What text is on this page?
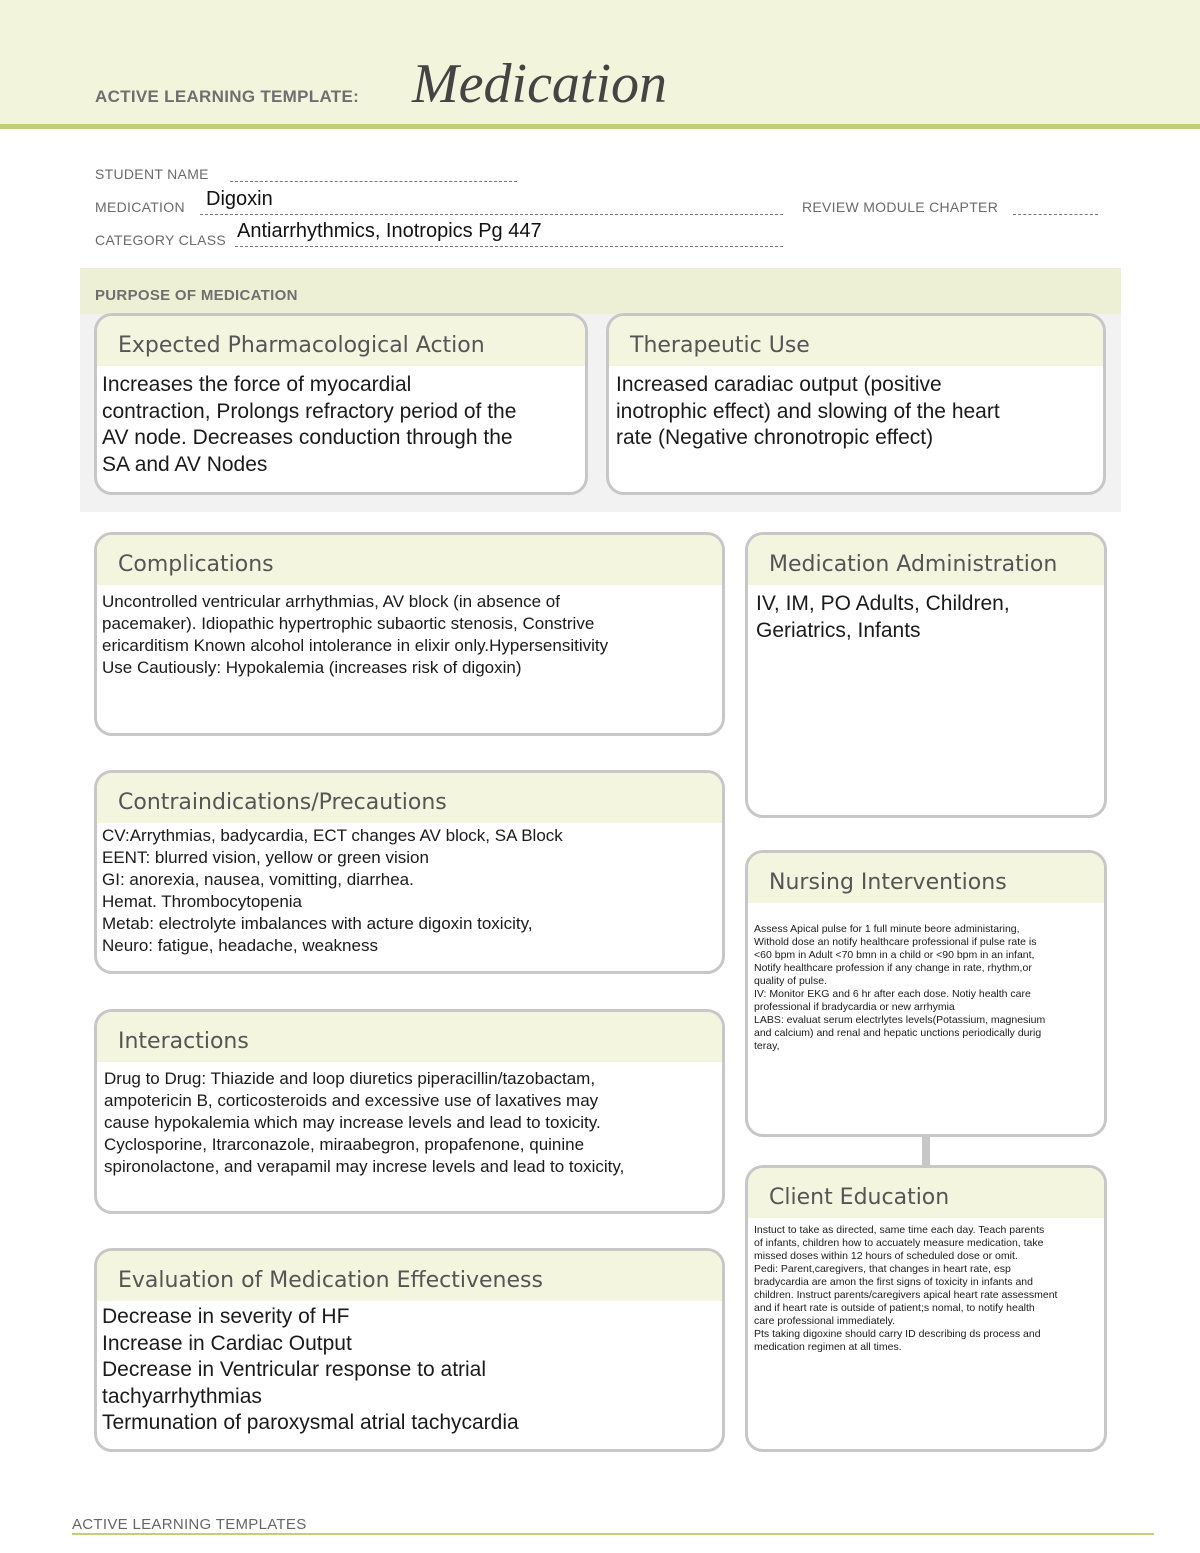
ACTIVE LEARNING TEMPLATE: Medication
STUDENT NAME
MEDICATION Digoxin	REVIEW MODULE CHAPTER
CATEGORY CLASS Antiarrhythmics, Inotropics Pg 447
PURPOSE OF MEDICATION
Expected Pharmacological Action
Increases the force of myocardial
contraction, Prolongs refractory period of the
AV node. Decreases conduction through the
SA and AV Nodes
Therapeutic Use
Increased caradiac output (positive
inotrophic effect) and slowing of the heart
rate (Negative chronotropic effect)
Complications
Uncontrolled ventricular arrhythmias, AV block (in absence of
pacemaker). Idiopathic hypertrophic subaortic stenosis, Constrive
ericarditism Known alcohol intolerance in elixir only.Hypersensitivity
Use Cautiously: Hypokalemia (increases risk of digoxin)
Medication Administration
IV, IM, PO Adults, Children,
Geriatrics, Infants
Contraindications/Precautions
CV:Arrythmias, badycardia, ECT changes AV block, SA Block
EENT: blurred vision, yellow or green vision
GI: anorexia, nausea, vomitting, diarrhea.
Hemat. Thrombocytopenia
Metab: electrolyte imbalances with acture digoxin toxicity,
Neuro: fatigue, headache, weakness
Nursing Interventions
Assess Apical pulse for 1 full minute beore administaring,
Withold dose an notify healthcare professional if pulse rate is
<60 bpm in Adult <70 bmn in a child or <90 bpm in an infant,
Notify healthcare profession if any change in rate, rhythm,or
quality of pulse.
IV: Monitor EKG and 6 hr after each dose. Notiy health care
professional if bradycardia or new arrhymia
LABS: evaluat serum electrlytes levels(Potassium, magnesium
and calcium) and renal and hepatic unctions periodically durig
teray,
Interactions
Drug to Drug: Thiazide and loop diuretics piperacillin/tazobactam,
ampotericin B, corticosteroids and excessive use of laxatives may
cause hypokalemia which may increase levels and lead to toxicity.
Cyclosporine, Itrarconazole, miraabegron, propafenone, quinine
spironolactone, and verapamil may increse levels and lead to toxicity,
Client Education
Instuct to take as directed, same time each day. Teach parents
of infants, children how to accuately measure medication, take
missed doses within 12 hours of scheduled dose or omit.
Pedi: Parent,caregivers, that changes in heart rate, esp
bradycardia are amon the first signs of toxicity in infants and
children. Instruct parents/caregivers apical heart rate assessment
and if heart rate is outside of patient;s nomal, to notify health
care professional immediately.
Pts taking digoxine should carry ID describing ds process and
medication regimen at all times.
Evaluation of Medication Effectiveness
Decrease in severity of HF
Increase in Cardiac Output
Decrease in Ventricular response to atrial
tachyarrhythmias
Termunation of paroxysmal atrial tachycardia
ACTIVE LEARNING TEMPLATES
